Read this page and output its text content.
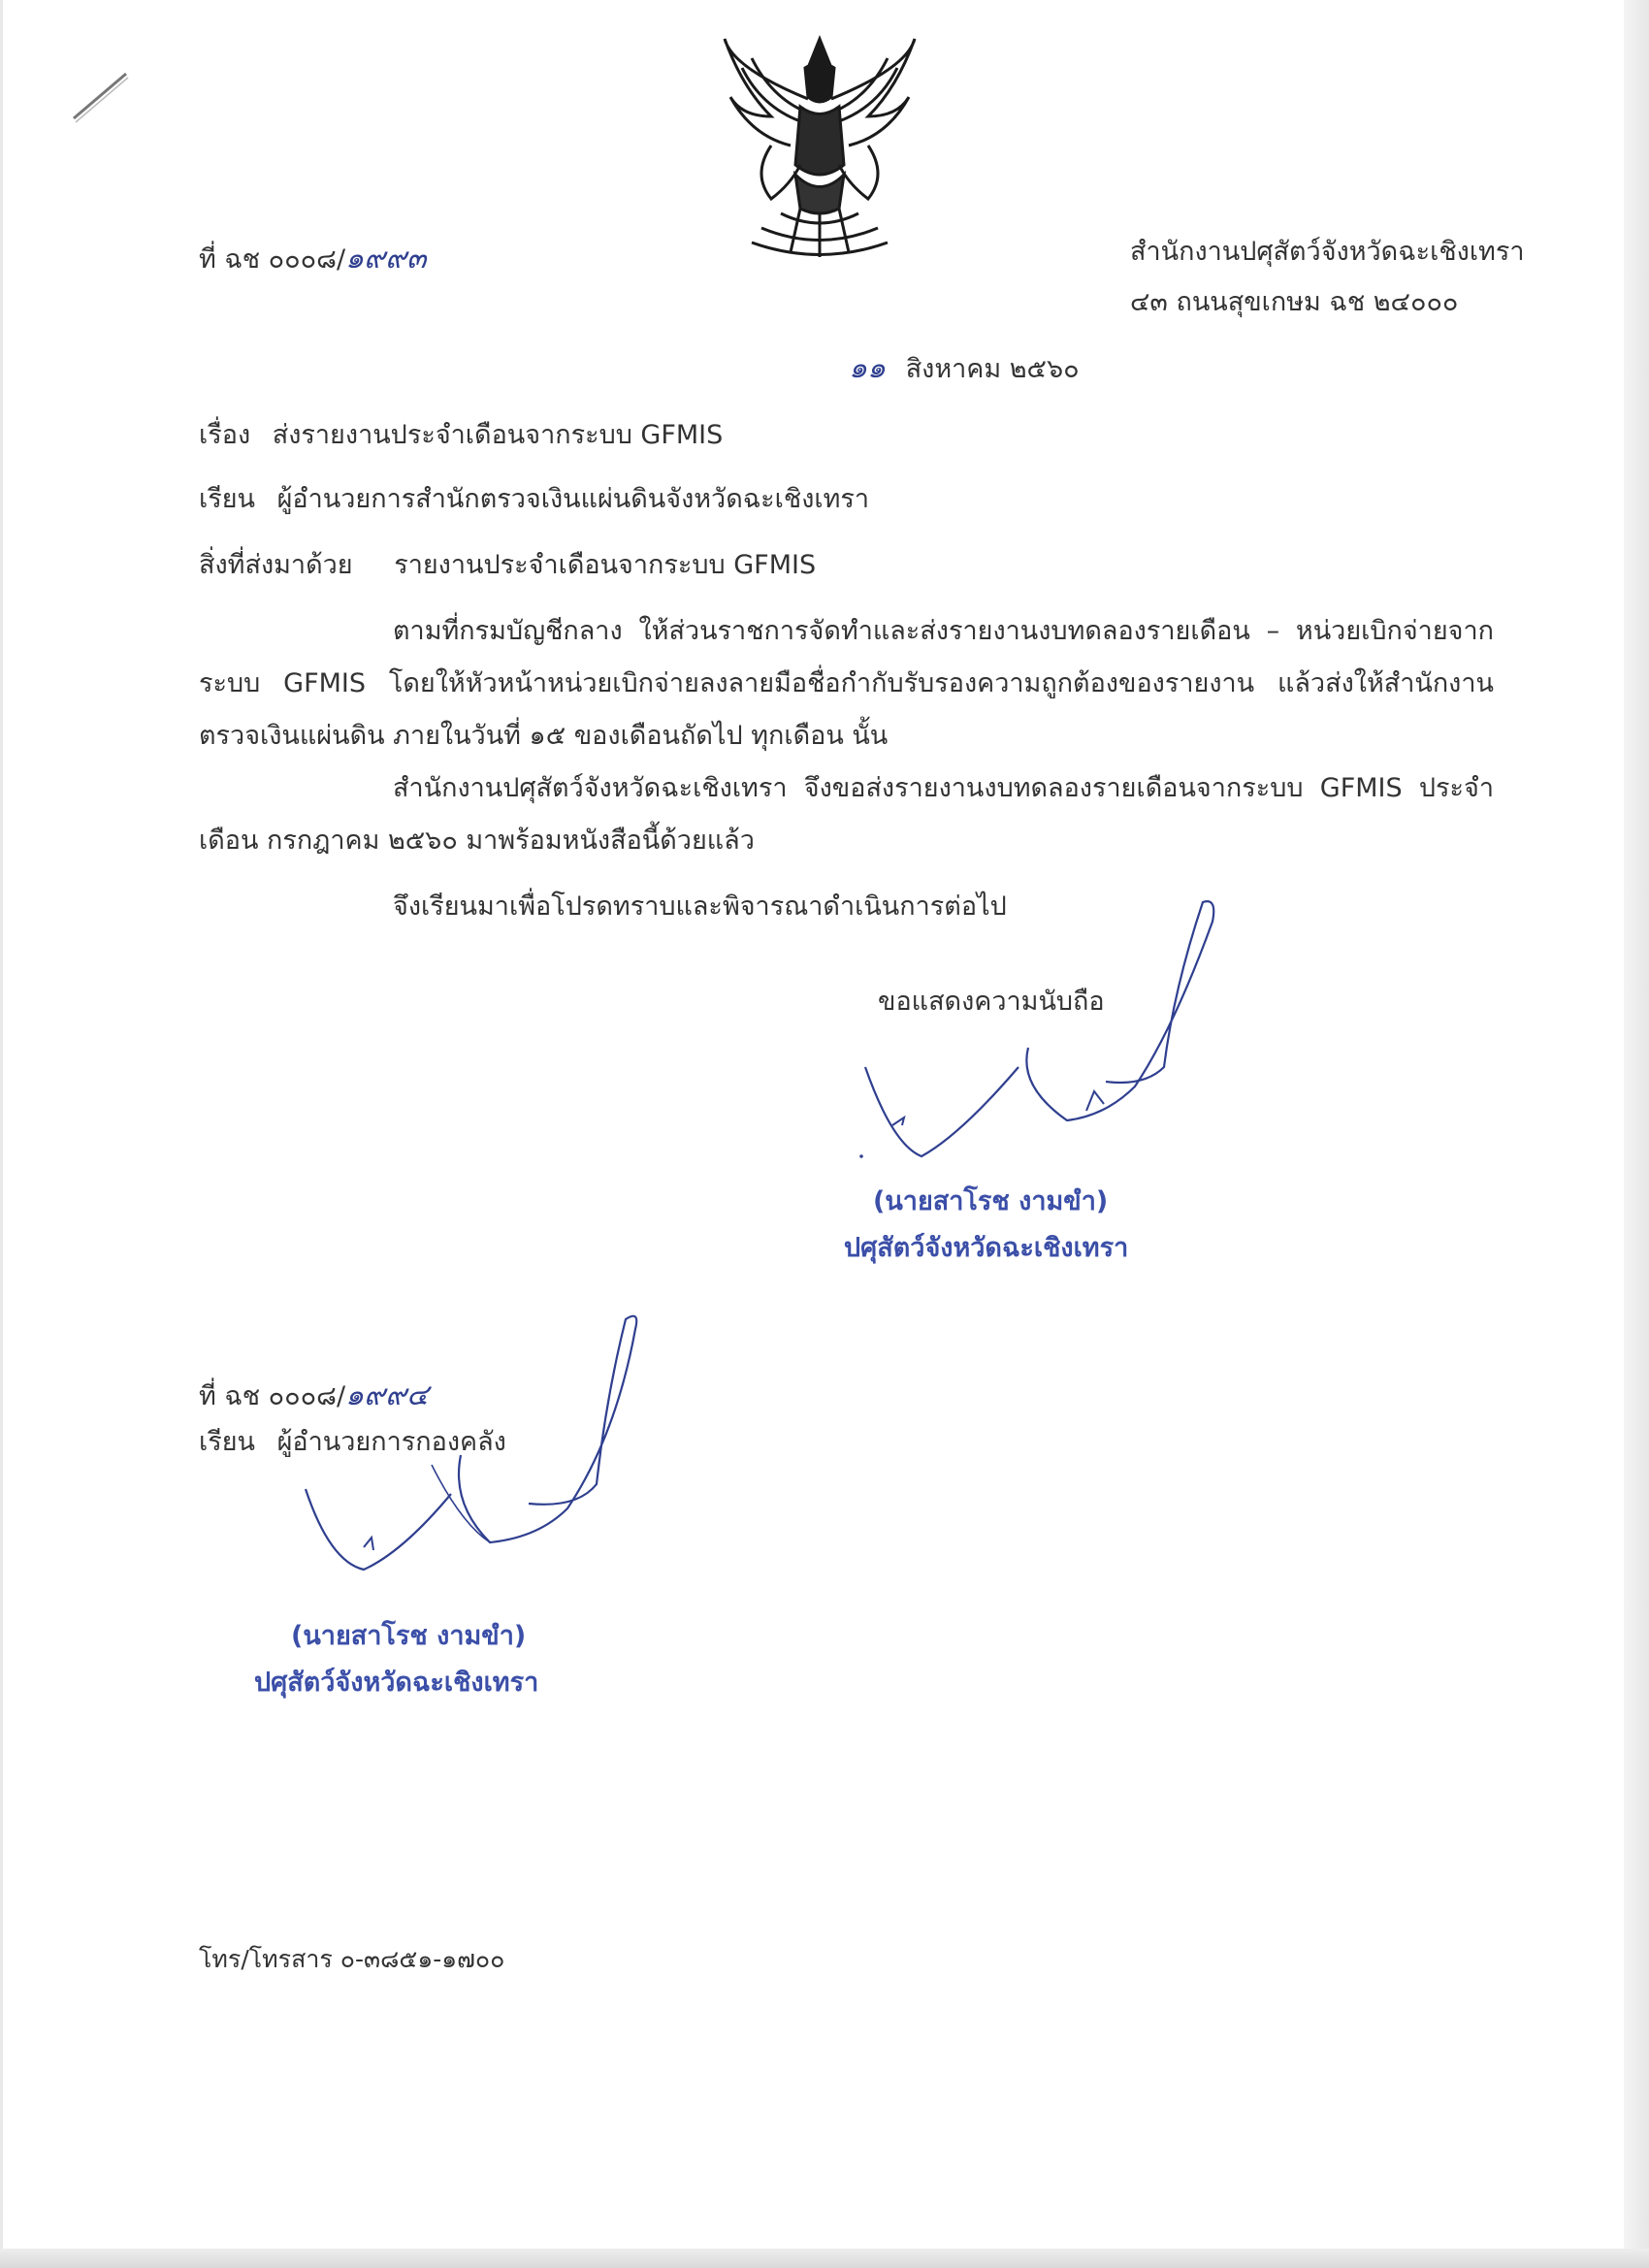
ที่ ฉช ๐๐๐๘/๑๙๙๓	สำนักงานปศุสัตว์จังหวัดฉะเชิงเทรา
๔๓ ถนนสุขเกษม ฉช ๒๔๐๐๐
๑๑ สิงหาคม ๒๕๖๐
เรื่อง ส่งรายงานประจำเดือนจากระบบ GFMIS
เรียน ผู้อำนวยการสำนักตรวจเงินแผ่นดินจังหวัดฉะเชิงเทรา
สิ่งที่ส่งมาด้วย รายงานประจำเดือนจากระบบ GFMIS
ตามที่กรมบัญชีกลาง ให้ส่วนราชการจัดทำและส่งรายงานงบทดลองรายเดือน – หน่วยเบิกจ่ายจากระบบ GFMIS โดยให้หัวหน้าหน่วยเบิกจ่ายลงลายมือชื่อกำกับรับรองความถูกต้องของรายงาน แล้วส่งให้สำนักงานตรวจเงินแผ่นดิน ภายในวันที่ ๑๕ ของเดือนถัดไป ทุกเดือน นั้น
สำนักงานปศุสัตว์จังหวัดฉะเชิงเทรา จึงขอส่งรายงานงบทดลองรายเดือนจากระบบ GFMIS ประจำเดือน กรกฎาคม ๒๕๖๐ มาพร้อมหนังสือนี้ด้วยแล้ว
จึงเรียนมาเพื่อโปรดทราบและพิจารณาดำเนินการต่อไป
ขอแสดงความนับถือ
(นายสาโรช งามขำ)
ปศุสัตว์จังหวัดฉะเชิงเทรา
ที่ ฉช ๐๐๐๘/๑๙๙๔
เรียน ผู้อำนวยการกองคลัง
(นายสาโรช งามขำ)
ปศุสัตว์จังหวัดฉะเชิงเทรา
โทร/โทรสาร ๐-๓๘๕๑-๑๗๐๐
